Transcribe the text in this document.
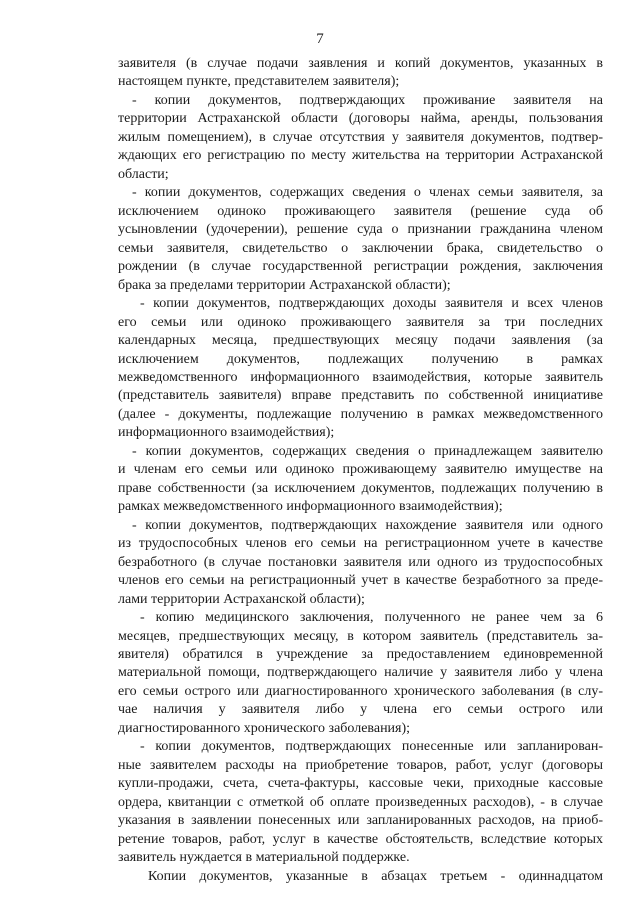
7
заявителя (в случае подачи заявления и копий документов, указанных в
настоящем пункте, представителем заявителя);
- копии документов, подтверждающих проживание заявителя на
территории Астраханской области (договоры найма, аренды, пользования
жилым помещением), в случае отсутствия у заявителя документов, подтвер-
ждающих его регистрацию по месту жительства на территории Астраханской
области;
- копии документов, содержащих сведения о членах семьи заявителя, за
исключением одиноко проживающего заявителя (решение суда об
усыновлении (удочерении), решение суда о признании гражданина членом
семьи заявителя, свидетельство о заключении брака, свидетельство о
рождении (в случае государственной регистрации рождения, заключения
брака за пределами территории Астраханской области);
- копии документов, подтверждающих доходы заявителя и всех членов
его семьи или одиноко проживающего заявителя за три последних
календарных месяца, предшествующих месяцу подачи заявления (за
исключением документов, подлежащих получению в рамках
межведомственного информационного взаимодействия, которые заявитель
(представитель заявителя) вправе представить по собственной инициативе
(далее - документы, подлежащие получению в рамках межведомственного
информационного взаимодействия);
- копии документов, содержащих сведения о принадлежащем заявителю
и членам его семьи или одиноко проживающему заявителю имуществе на
праве собственности (за исключением документов, подлежащих получению в
рамках межведомственного информационного взаимодействия);
- копии документов, подтверждающих нахождение заявителя или одного
из трудоспособных членов его семьи на регистрационном учете в качестве
безработного (в случае постановки заявителя или одного из трудоспособных
членов его семьи на регистрационный учет в качестве безработного за преде-
лами территории Астраханской области);
- копию медицинского заключения, полученного не ранее чем за 6
месяцев, предшествующих месяцу, в котором заявитель (представитель за-
явителя) обратился в учреждение за предоставлением единовременной
материальной помощи, подтверждающего наличие у заявителя либо у члена
его семьи острого или диагностированного хронического заболевания (в слу-
чае наличия у заявителя либо у члена его семьи острого или
диагностированного хронического заболевания);
- копии документов, подтверждающих понесенные или запланирован-
ные заявителем расходы на приобретение товаров, работ, услуг (договоры
купли-продажи, счета, счета-фактуры, кассовые чеки, приходные кассовые
ордера, квитанции с отметкой об оплате произведенных расходов), - в случае
указания в заявлении понесенных или запланированных расходов, на приоб-
ретение товаров, работ, услуг в качестве обстоятельств, вследствие которых
заявитель нуждается в материальной поддержке.
Копии документов, указанные в абзацах третьем - одиннадцатом
